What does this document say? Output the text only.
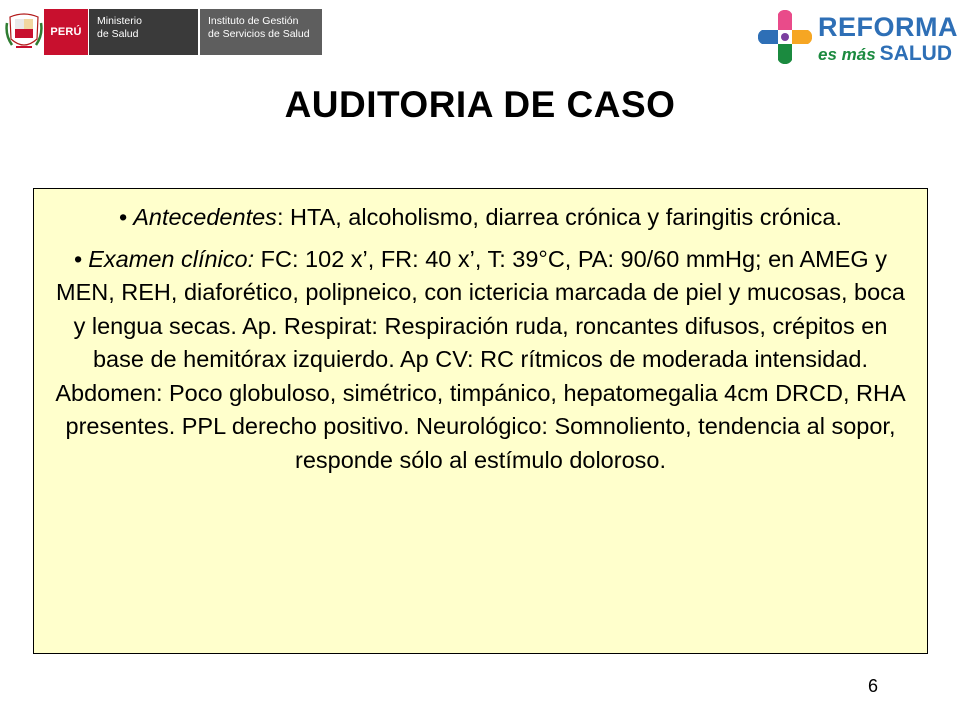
PERÚ
Ministerio
de Salud
Instituto de Gestión
de Servicios de Salud	REFORMA
es más SALUD
AUDITORIA DE CASO

• Antecedentes: HTA, alcoholismo, diarrea crónica y faringitis crónica.

• Examen clínico: FC: 102 x’, FR: 40 x’, T: 39°C, PA: 90/60 mmHg; en AMEG y MEN, REH, diaforético, polipneico, con ictericia marcada de piel y mucosas, boca y lengua secas. Ap. Respirat: Respiración ruda, roncantes difusos, crépitos en base de hemitórax izquierdo. Ap CV: RC rítmicos de moderada intensidad. Abdomen: Poco globuloso, simétrico, timpánico, hepatomegalia 4cm DRCD, RHA presentes. PPL derecho positivo. Neurológico: Somnoliento, tendencia al sopor, responde sólo al estímulo doloroso.

6
